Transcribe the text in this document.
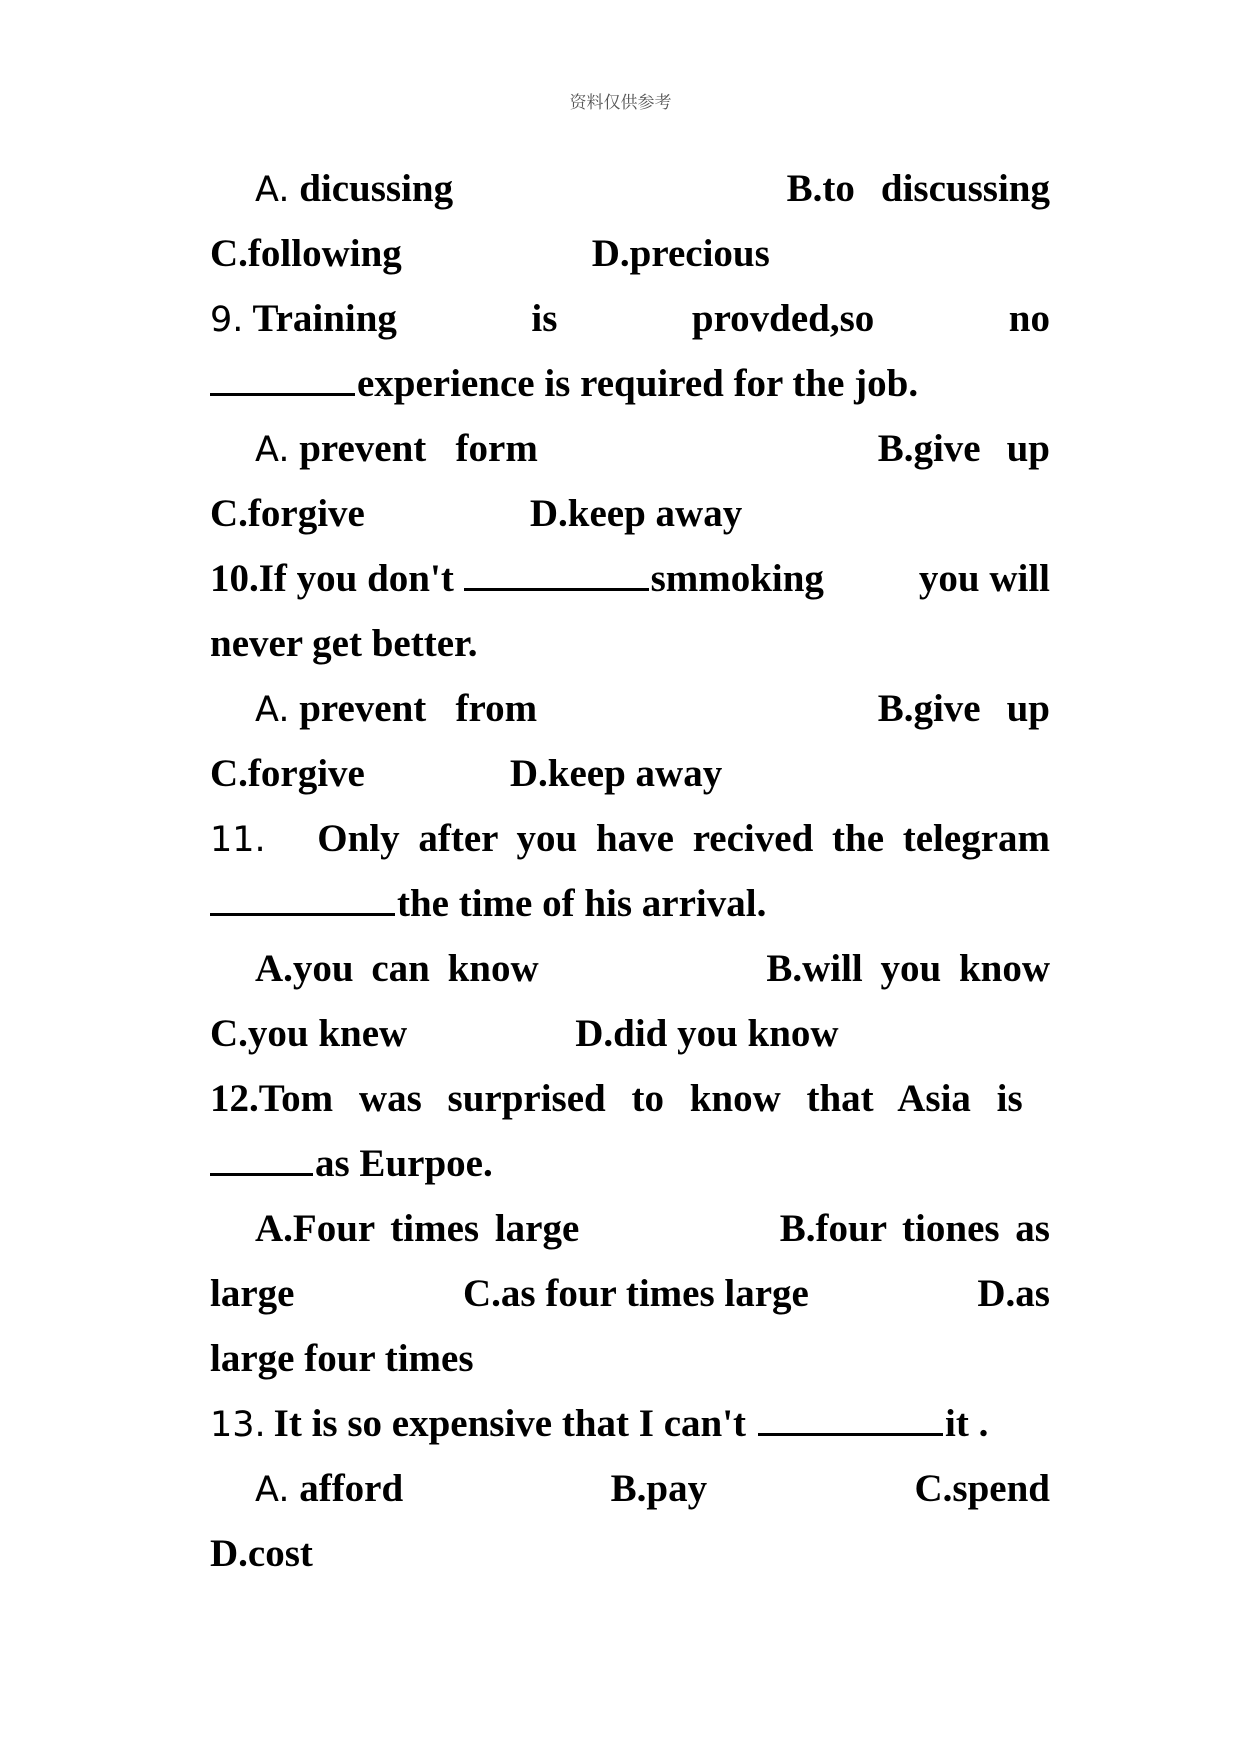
资料仅供参考
A. dicussing	B.to discussing
C.following	D.precious
9. Training	is	provded,so	no
experience is required for the job.
A. prevent   form	B.give up
C.forgive	D.keep away
10.If you don't	smmoking you will
never get better.
A. prevent   from	B.give up
C.forgive	D.keep away
11. Only after you have recived the telegram
the time of his arrival.
A.you can know	B.will you know
C.you knew	D.did you know
12.Tom was surprised to know that Asia is
as Eurpoe.
A.Four times large	B.four tiones as
large	C.as four times large	D.as
large four times
13. It is so expensive that I can't	it .
A. afford	B.pay	C.spend
D.cost
